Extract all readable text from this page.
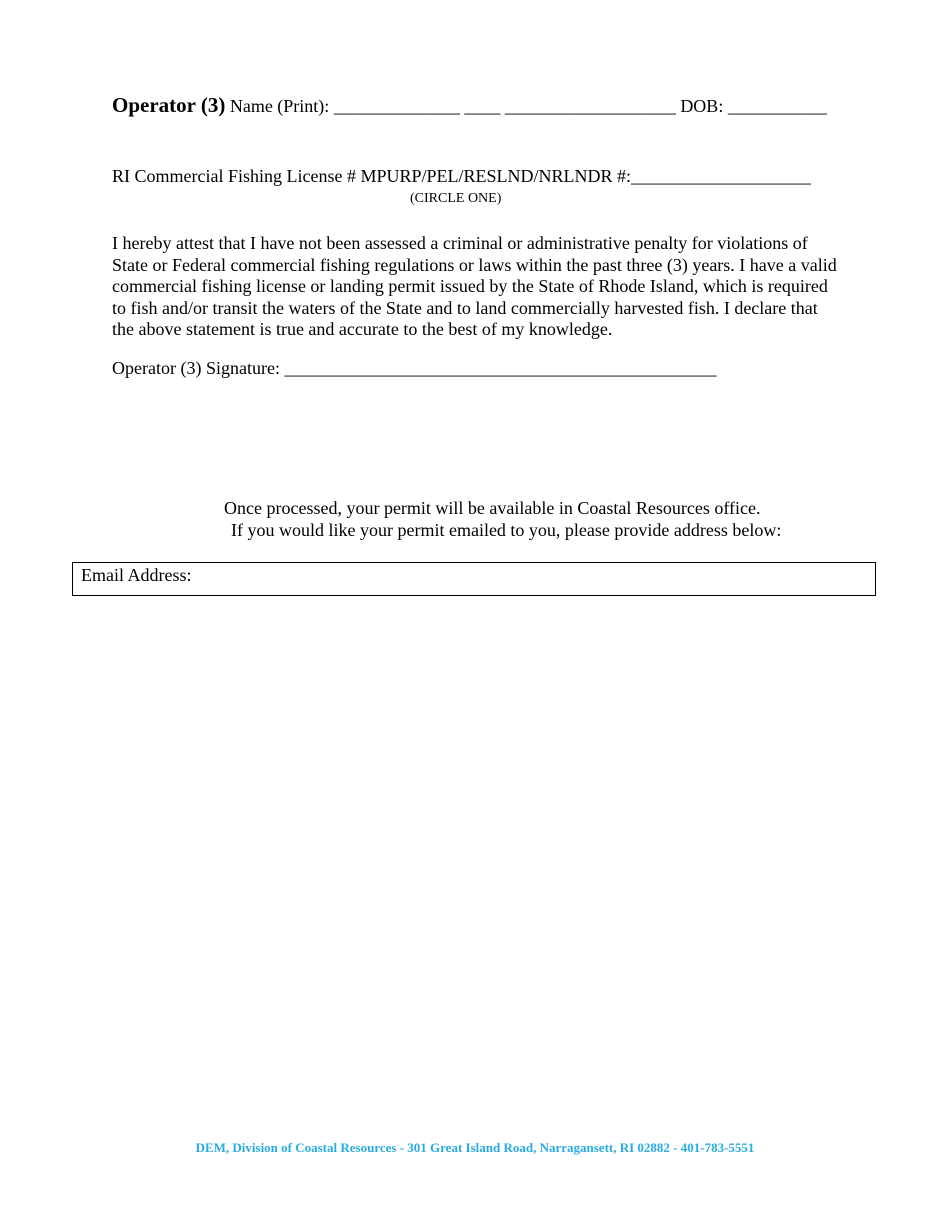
Operator (3) Name (Print): ______________ ____ ___________________ DOB: ___________
RI Commercial Fishing License # MPURP/PEL/RESLND/NRLNDR #:____________________
(CIRCLE ONE)

I hereby attest that I have not been assessed a criminal or administrative penalty for violations of State or Federal commercial fishing regulations or laws within the past three (3) years. I have a valid commercial fishing license or landing permit issued by the State of Rhode Island, which is required to fish and/or transit the waters of the State and to land commercially harvested fish. I declare that the above statement is true and accurate to the best of my knowledge.

Operator (3) Signature: ________________________________________________
Once processed, your permit will be available in Coastal Resources office.
If you would like your permit emailed to you, please provide address below:
Email Address:
DEM, Division of Coastal Resources - 301 Great Island Road, Narragansett, RI 02882 - 401-783-5551
